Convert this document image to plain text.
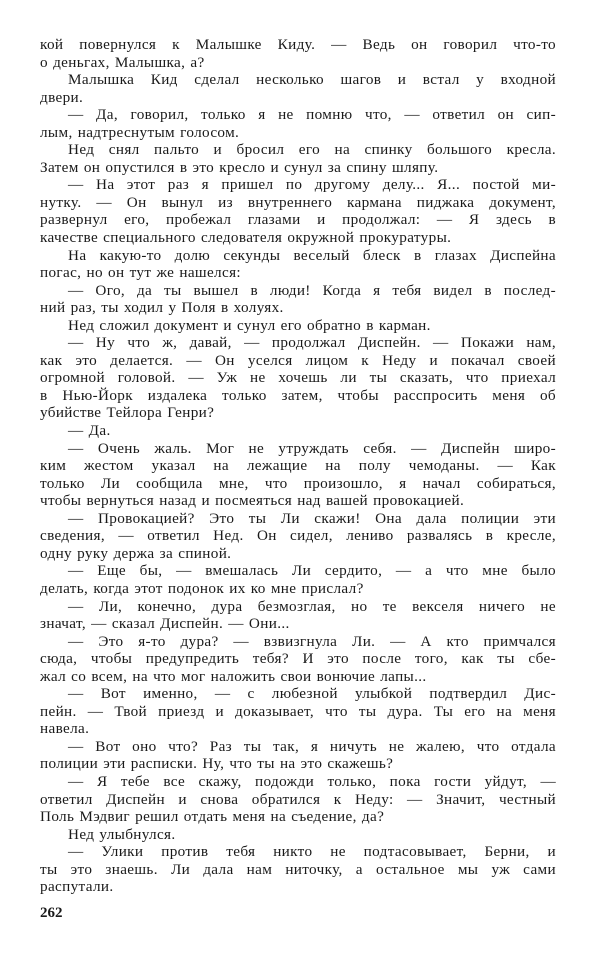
кой повернулся к Малышке Киду. — Ведь он говорил что-то
о деньгах, Малышка, а?
Малышка Кид сделал несколько шагов и встал у входной
двери.
— Да, говорил, только я не помню что, — ответил он сип-
лым, надтреснутым голосом.
Нед снял пальто и бросил его на спинку большого кресла.
Затем он опустился в это кресло и сунул за спину шляпу.
— На этот раз я пришел по другому делу... Я... постой ми-
нутку. — Он вынул из внутреннего кармана пиджака документ,
развернул его, пробежал глазами и продолжал: — Я здесь в
качестве специального следователя окружной прокуратуры.
На какую-то долю секунды веселый блеск в глазах Диспейна
погас, но он тут же нашелся:
— Ого, да ты вышел в люди! Когда я тебя видел в послед-
ний раз, ты ходил у Поля в холуях.
Нед сложил документ и сунул его обратно в карман.
— Ну что ж, давай, — продолжал Диспейн. — Покажи нам,
как это делается. — Он уселся лицом к Неду и покачал своей
огромной головой. — Уж не хочешь ли ты сказать, что приехал
в Нью-Йорк издалека только затем, чтобы расспросить меня об
убийстве Тейлора Генри?
— Да.
— Очень жаль. Мог не утруждать себя. — Диспейн широ-
ким жестом указал на лежащие на полу чемоданы. — Как
только Ли сообщила мне, что произошло, я начал собираться,
чтобы вернуться назад и посмеяться над вашей провокацией.
— Провокацией? Это ты Ли скажи! Она дала полиции эти
сведения, — ответил Нед. Он сидел, лениво развалясь в кресле,
одну руку держа за спиной.
— Еще бы, — вмешалась Ли сердито, — а что мне было
делать, когда этот подонок их ко мне прислал?
— Ли, конечно, дура безмозглая, но те векселя ничего не
значат, — сказал Диспейн. — Они...
— Это я-то дура? — взвизгнула Ли. — А кто примчался
сюда, чтобы предупредить тебя? И это после того, как ты сбе-
жал со всем, на что мог наложить свои вонючие лапы...
— Вот именно, — с любезной улыбкой подтвердил Дис-
пейн. — Твой приезд и доказывает, что ты дура. Ты его на меня
навела.
— Вот оно что? Раз ты так, я ничуть не жалею, что отдала
полиции эти расписки. Ну, что ты на это скажешь?
— Я тебе все скажу, подожди только, пока гости уйдут, —
ответил Диспейн и снова обратился к Неду: — Значит, честный
Поль Мэдвиг решил отдать меня на съедение, да?
Нед улыбнулся.
— Улики против тебя никто не подтасовывает, Берни, и
ты это знаешь. Ли дала нам ниточку, а остальное мы уж сами
распутали.
262
